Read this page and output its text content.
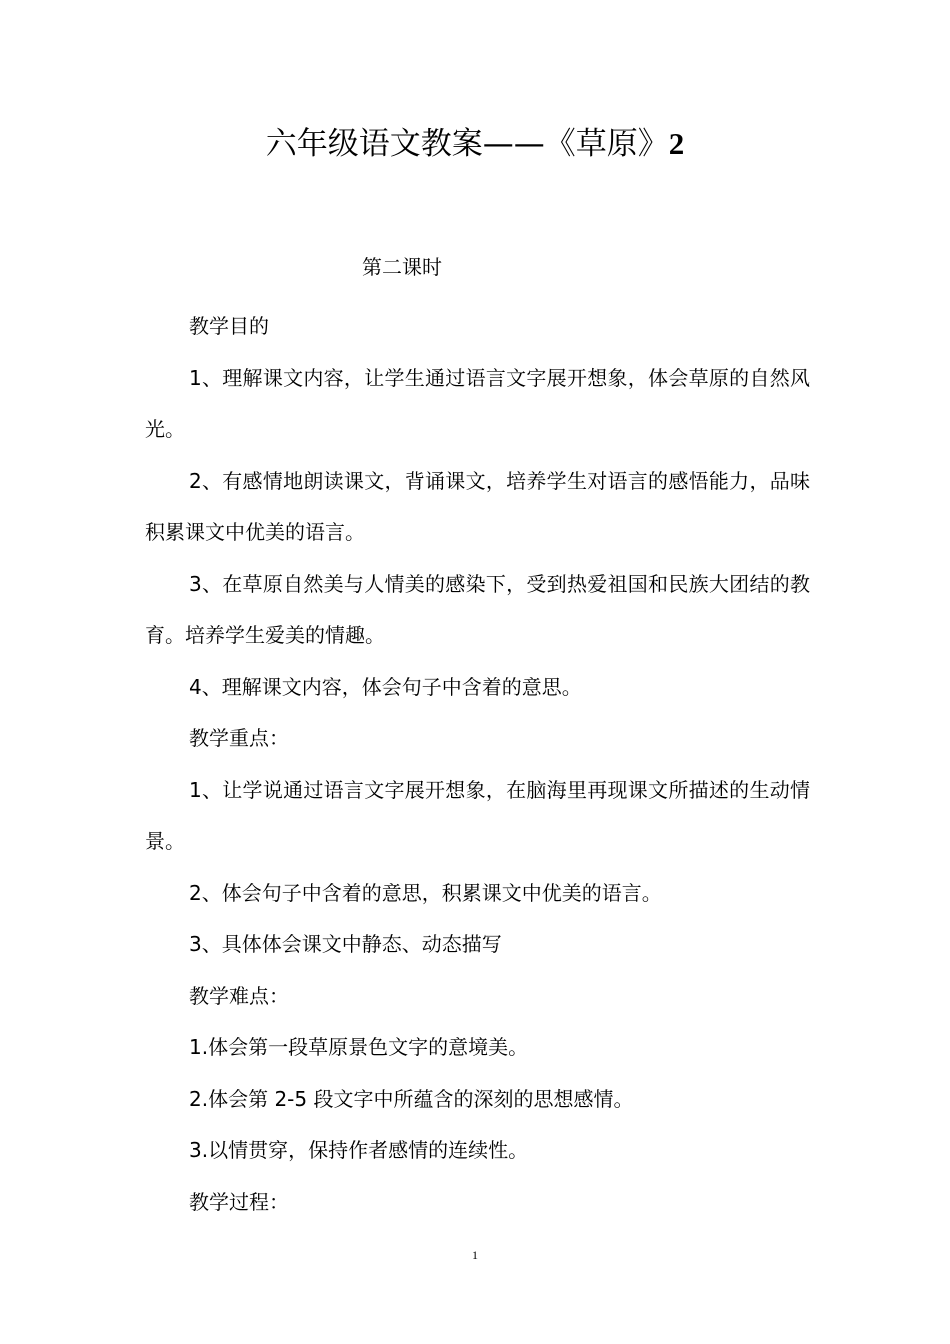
六年级语文教案——《草原》2
第二课时

教学目的

1、理解课文内容，让学生通过语言文字展开想象，体会草原的自然风光。

2、有感情地朗读课文，背诵课文，培养学生对语言的感悟能力，品味积累课文中优美的语言。

3、在草原自然美与人情美的感染下，受到热爱祖国和民族大团结的教育。培养学生爱美的情趣。

4、理解课文内容，体会句子中含着的意思。

教学重点：

1、让学说通过语言文字展开想象，在脑海里再现课文所描述的生动情景。

2、体会句子中含着的意思，积累课文中优美的语言。

3、具体体会课文中静态、动态描写

教学难点：

1.体会第一段草原景色文字的意境美。

2.体会第 2-5 段文字中所蕴含的深刻的思想感情。

3.以情贯穿，保持作者感情的连续性。

教学过程：

1
